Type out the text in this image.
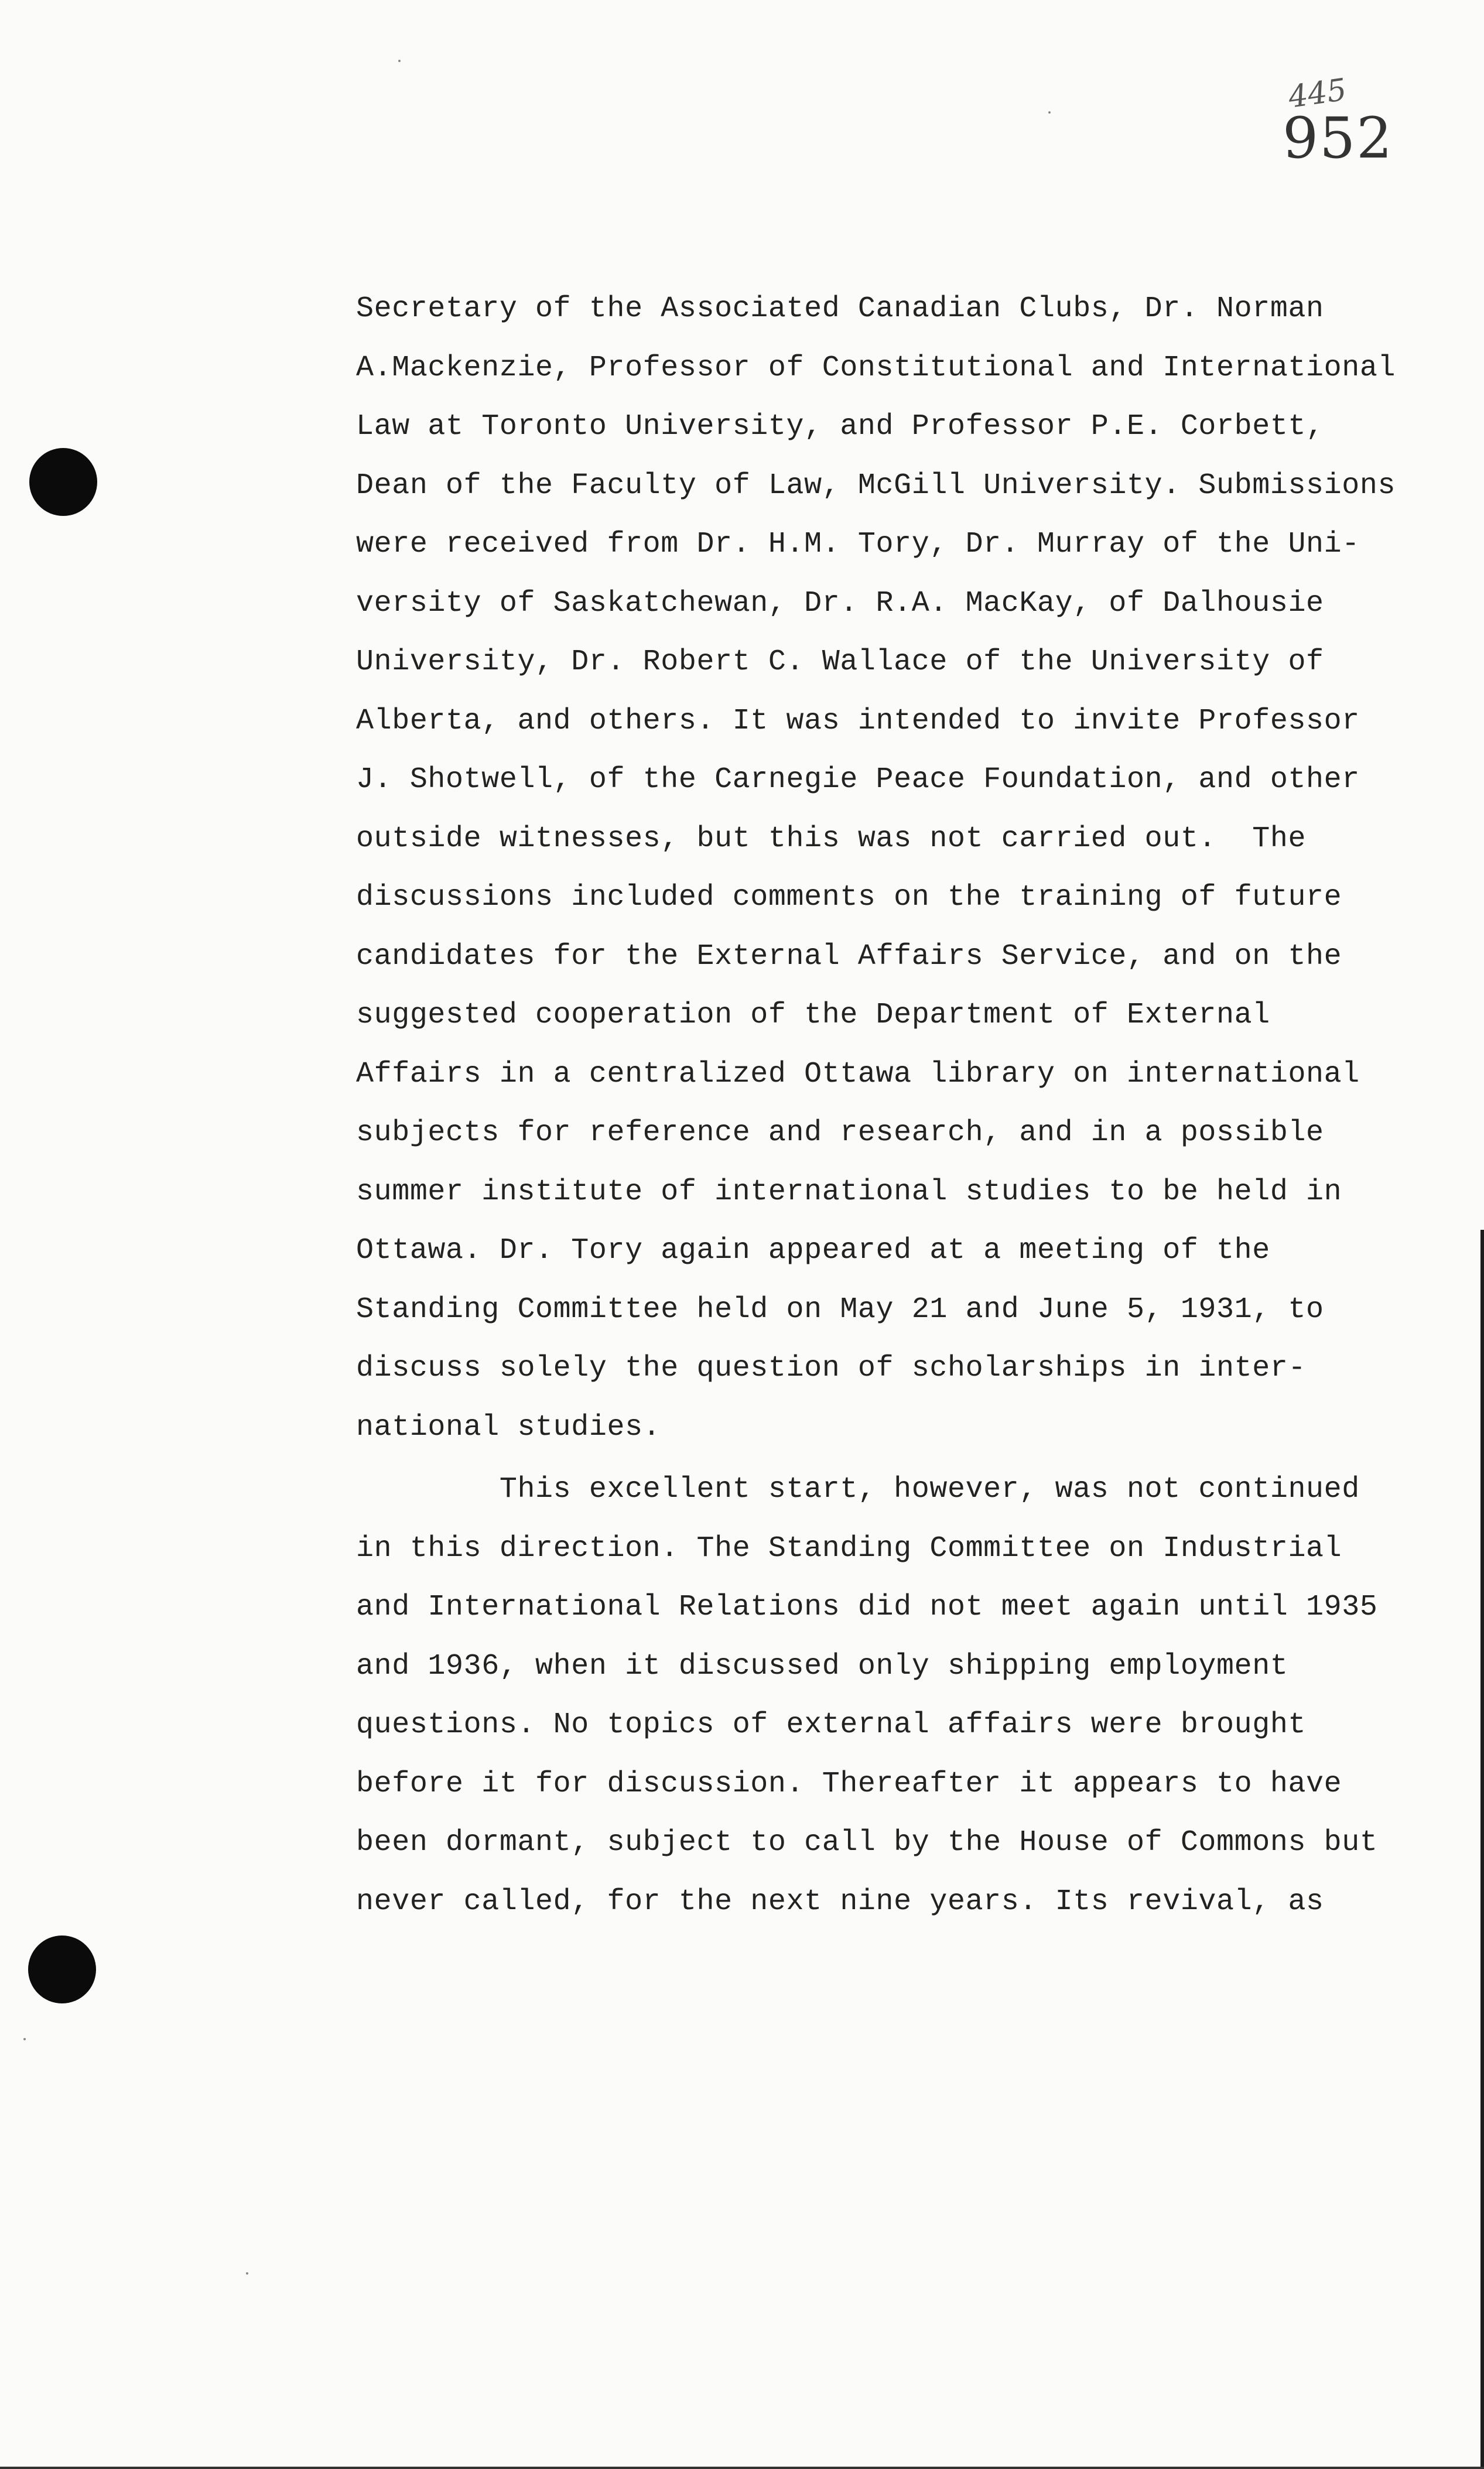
445
952
Secretary of the Associated Canadian Clubs, Dr. Norman
A.Mackenzie, Professor of Constitutional and International
Law at Toronto University, and Professor P.E. Corbett,
Dean of the Faculty of Law, McGill University. Submissions
were received from Dr. H.M. Tory, Dr. Murray of the Uni-
versity of Saskatchewan, Dr. R.A. MacKay, of Dalhousie
University, Dr. Robert C. Wallace of the University of
Alberta, and others. It was intended to invite Professor
J. Shotwell, of the Carnegie Peace Foundation, and other
outside witnesses, but this was not carried out.  The
discussions included comments on the training of future
candidates for the External Affairs Service, and on the
suggested cooperation of the Department of External
Affairs in a centralized Ottawa library on international
subjects for reference and research, and in a possible
summer institute of international studies to be held in
Ottawa. Dr. Tory again appeared at a meeting of the
Standing Committee held on May 21 and June 5, 1931, to
discuss solely the question of scholarships in inter-
national studies.
This excellent start, however, was not continued
in this direction. The Standing Committee on Industrial
and International Relations did not meet again until 1935
and 1936, when it discussed only shipping employment
questions. No topics of external affairs were brought
before it for discussion. Thereafter it appears to have
been dormant, subject to call by the House of Commons but
never called, for the next nine years. Its revival, as
